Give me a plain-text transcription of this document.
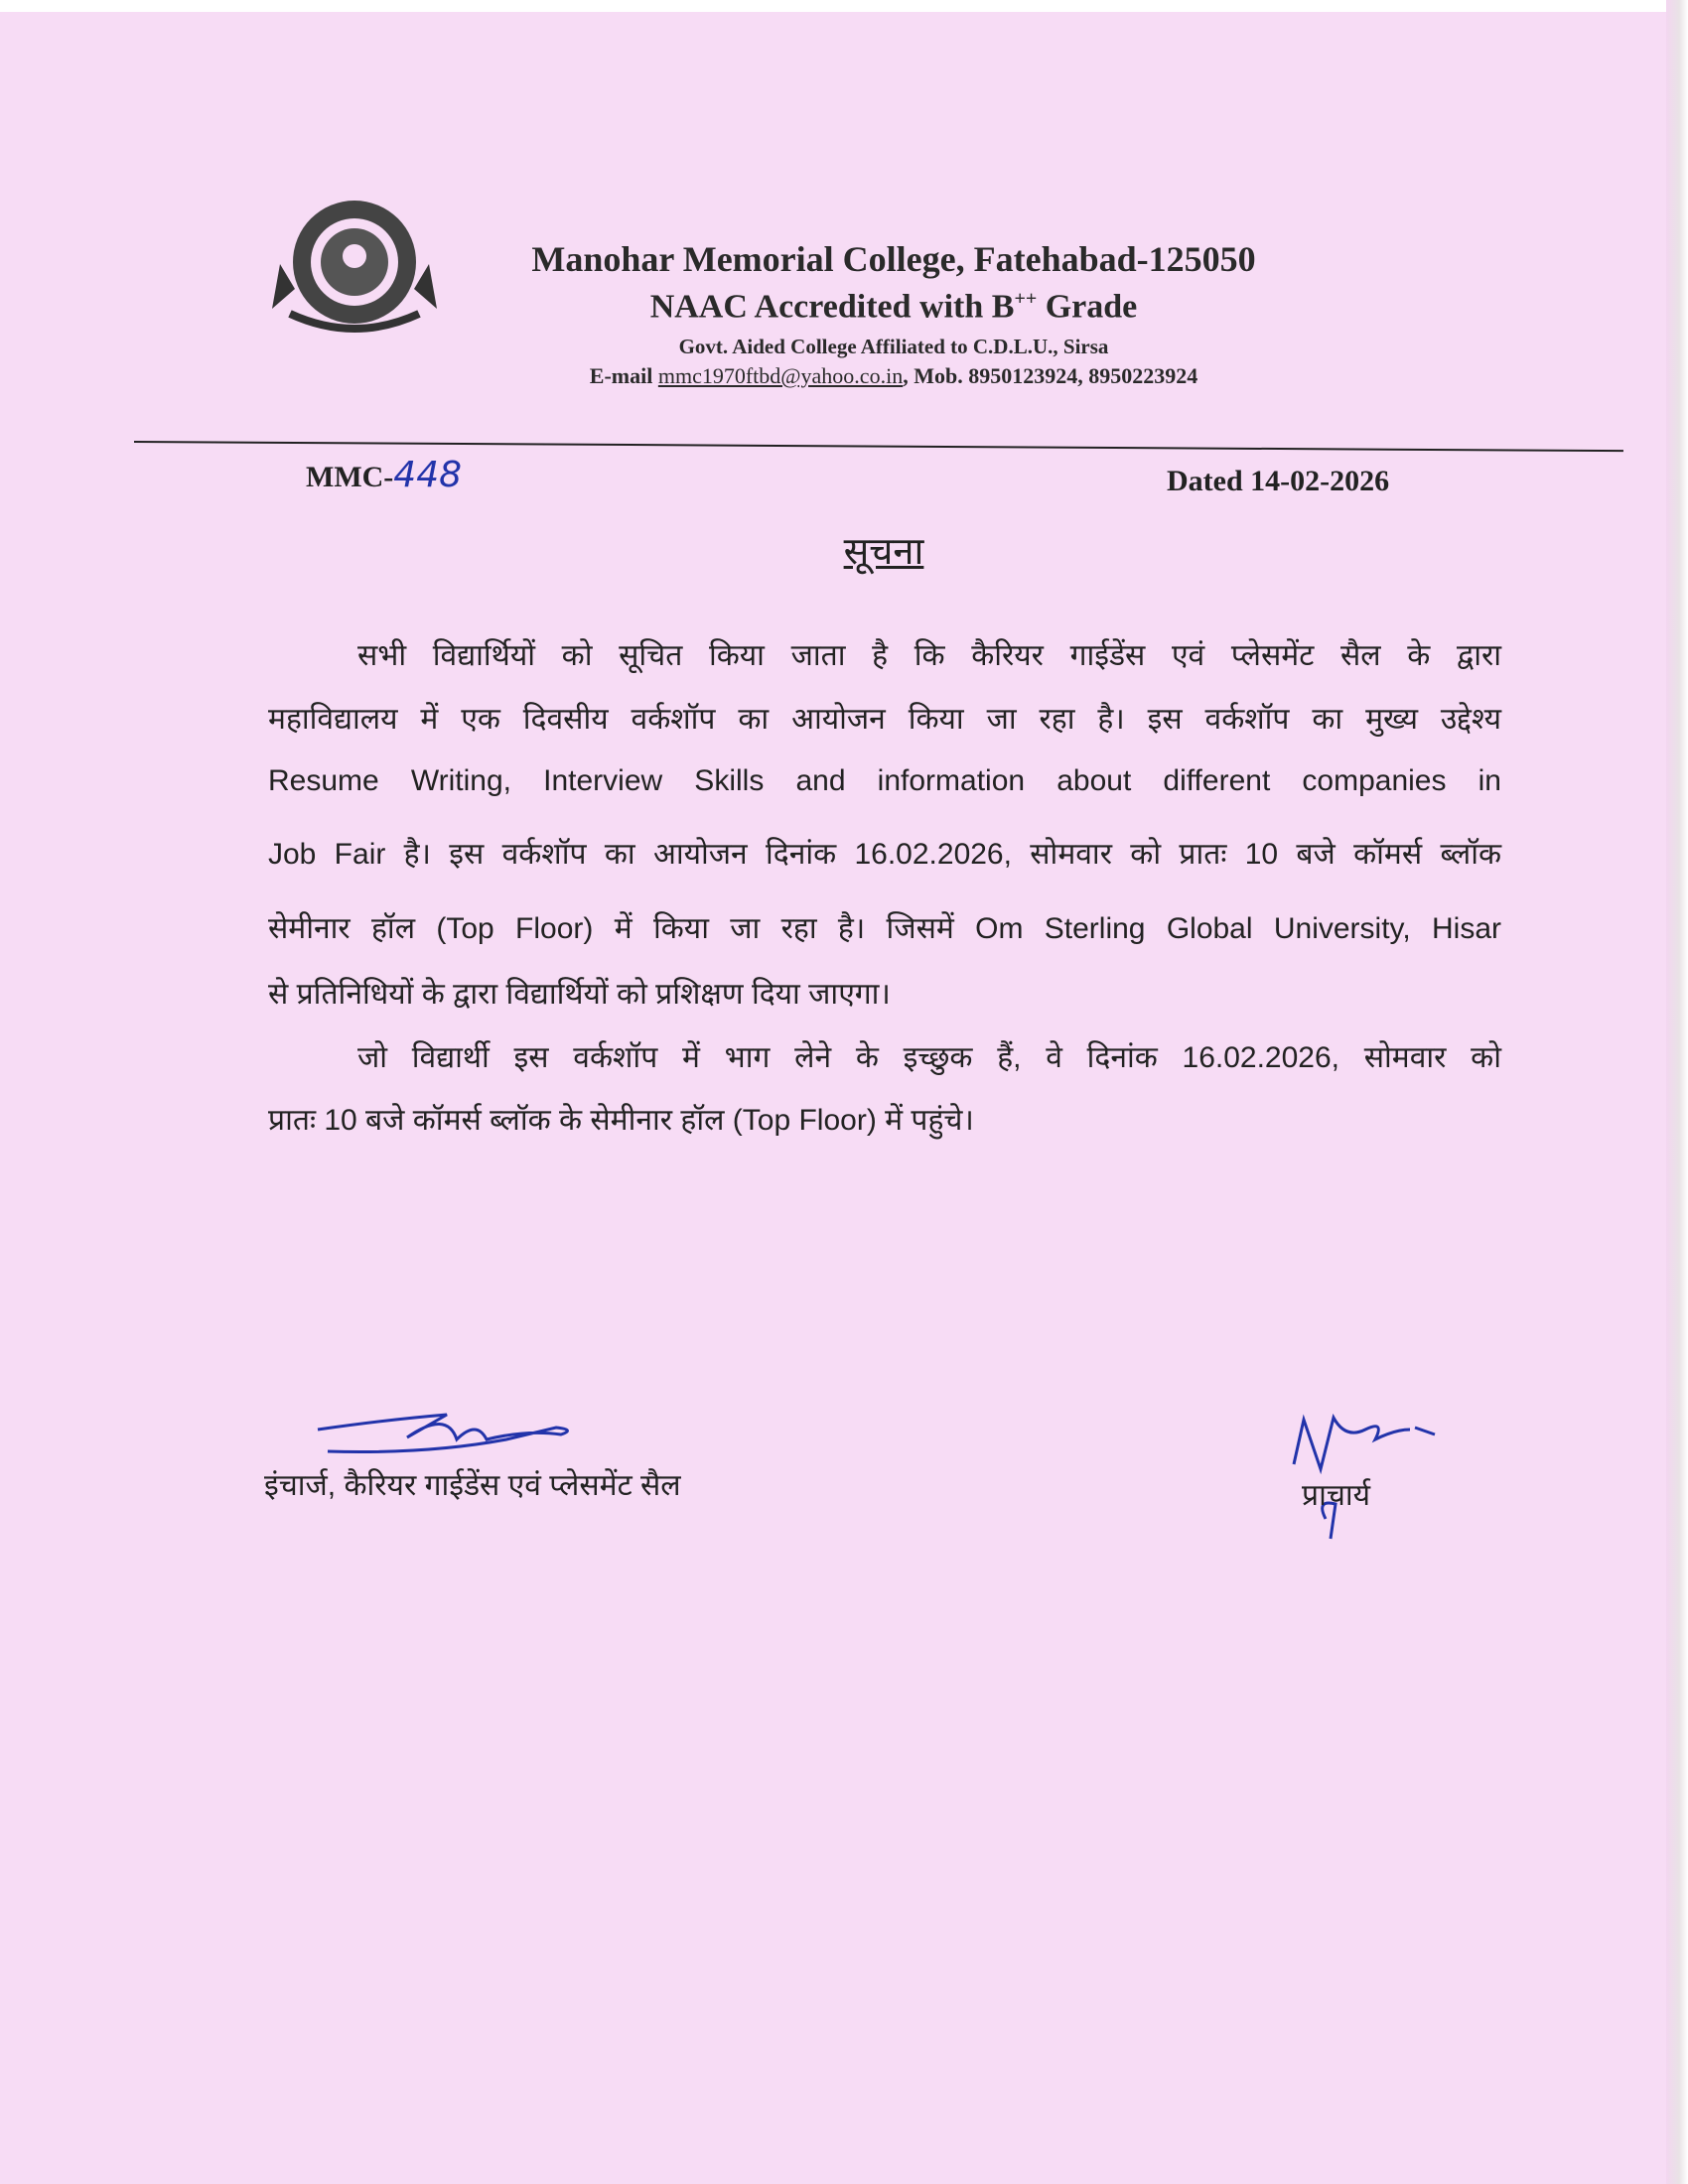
Manohar Memorial College, Fatehabad-125050
NAAC Accredited with B++ Grade
Govt. Aided College Affiliated to C.D.L.U., Sirsa
E-mail mmc1970ftbd@yahoo.co.in, Mob. 8950123924, 8950223924
MMC-448	Dated 14-02-2026
सूचना
सभी विद्यार्थियों को सूचित किया जाता है कि कैरियर गाईडेंस एवं प्लेसमेंट सैल के द्वारा
महाविद्यालय में एक दिवसीय वर्कशॉप का आयोजन किया जा रहा है। इस वर्कशॉप का मुख्य उद्देश्य
Resume Writing, Interview Skills and information about different companies in
Job Fair है। इस वर्कशॉप का आयोजन दिनांक 16.02.2026, सोमवार को प्रातः 10 बजे कॉमर्स ब्लॉक
सेमीनार हॉल (Top Floor) में किया जा रहा है। जिसमें Om Sterling Global University, Hisar
से प्रतिनिधियों के द्वारा विद्यार्थियों को प्रशिक्षण दिया जाएगा।
जो विद्यार्थी इस वर्कशॉप में भाग लेने के इच्छुक हैं, वे दिनांक 16.02.2026, सोमवार को
प्रातः 10 बजे कॉमर्स ब्लॉक के सेमीनार हॉल (Top Floor) में पहुंचे।
इंचार्ज, कैरियर गाईडेंस एवं प्लेसमेंट सैल	प्राचार्य
